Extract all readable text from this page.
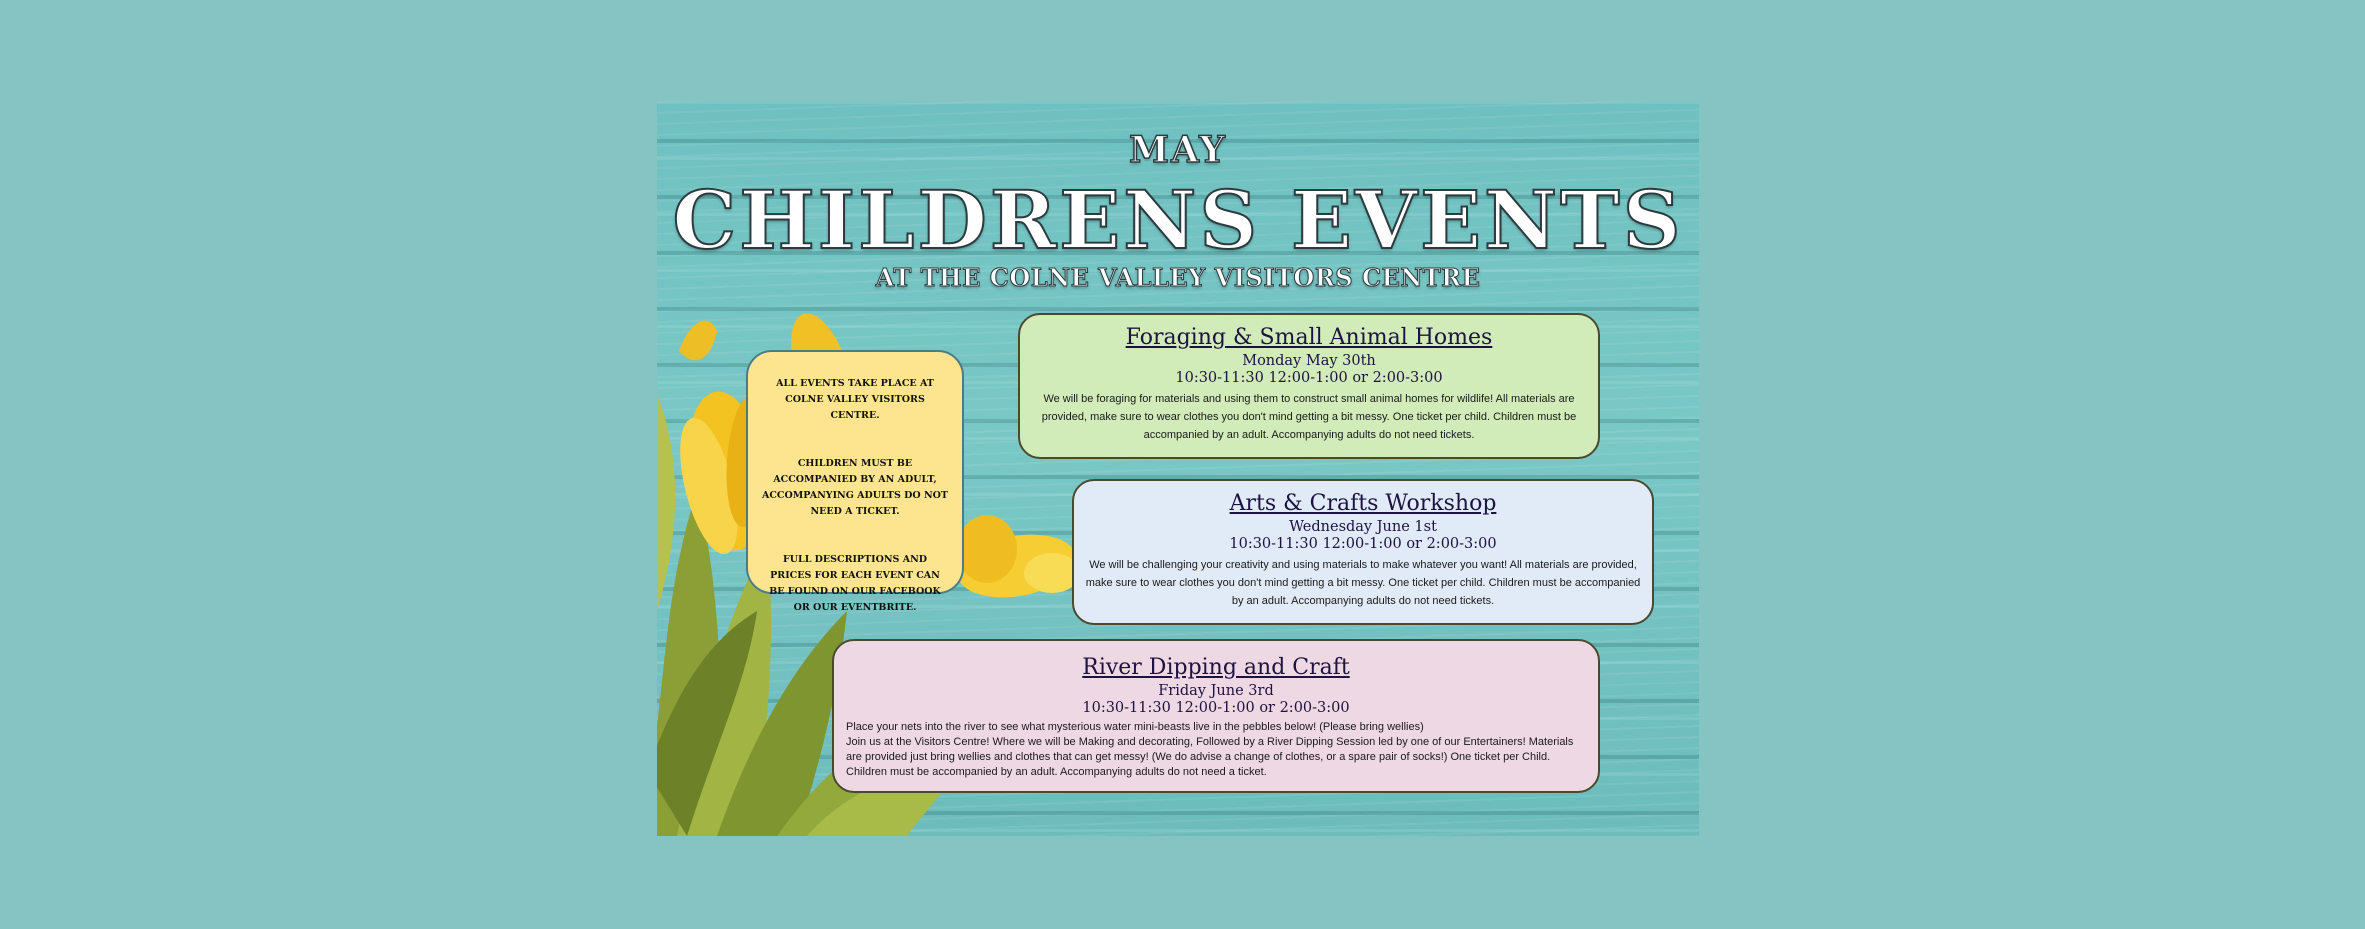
MAY
CHILDRENS EVENTS
AT THE COLNE VALLEY VISITORS CENTRE

ALL EVENTS TAKE PLACE AT COLNE VALLEY VISITORS CENTRE.

CHILDREN MUST BE ACCOMPANIED BY AN ADULT, ACCOMPANYING ADULTS DO NOT NEED A TICKET.

FULL DESCRIPTIONS AND PRICES FOR EACH EVENT CAN BE FOUND ON OUR FACEBOOK OR OUR EVENTBRITE.

Foraging & Small Animal Homes
Monday May 30th
10:30-11:30 12:00-1:00 or 2:00-3:00
We will be foraging for materials and using them to construct small animal homes for wildlife! All materials are provided, make sure to wear clothes you don't mind getting a bit messy. One ticket per child. Children must be accompanied by an adult. Accompanying adults do not need tickets.
Arts & Crafts Workshop
Wednesday June 1st
10:30-11:30 12:00-1:00 or 2:00-3:00
We will be challenging your creativity and using materials to make whatever you want! All materials are provided, make sure to wear clothes you don't mind getting a bit messy. One ticket per child. Children must be accompanied by an adult. Accompanying adults do not need tickets.
River Dipping and Craft
Friday June 3rd
10:30-11:30 12:00-1:00 or 2:00-3:00
Place your nets into the river to see what mysterious water mini-beasts live in the pebbles below! (Please bring wellies)
Join us at the Visitors Centre! Where we will be Making and decorating, Followed by a River Dipping Session led by one of our Entertainers! Materials are provided just bring wellies and clothes that can get messy! (We do advise a change of clothes, or a spare pair of socks!) One ticket per Child. Children must be accompanied by an adult. Accompanying adults do not need a ticket.
